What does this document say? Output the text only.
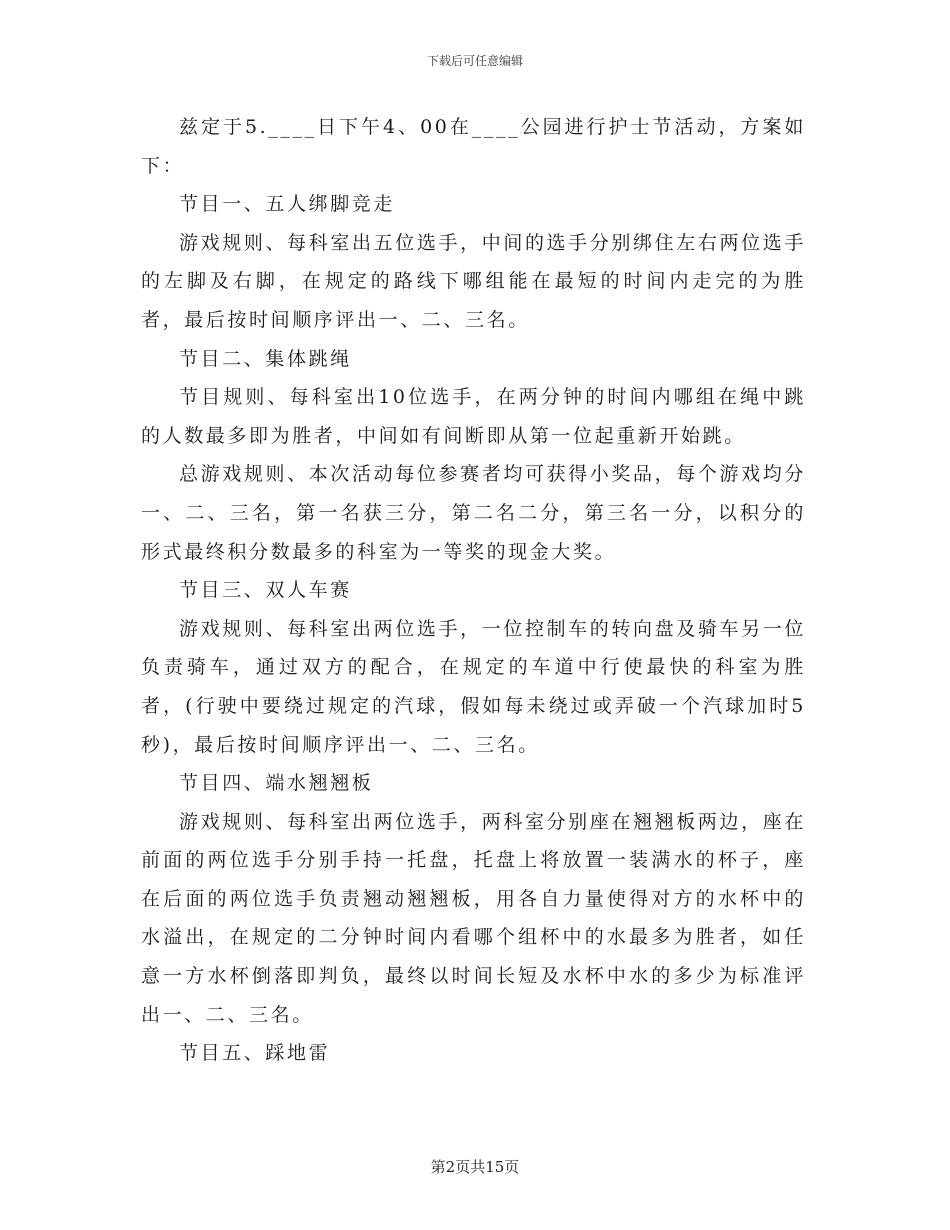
下载后可任意编辑

兹定于5.____日下午4、00在____公园进行护士节活动，方案如下：

节目一、五人绑脚竞走

游戏规则、每科室出五位选手，中间的选手分别绑住左右两位选手的左脚及右脚，在规定的路线下哪组能在最短的时间内走完的为胜者，最后按时间顺序评出一、二、三名。

节目二、集体跳绳

节目规则、每科室出10位选手，在两分钟的时间内哪组在绳中跳的人数最多即为胜者，中间如有间断即从第一位起重新开始跳。

总游戏规则、本次活动每位参赛者均可获得小奖品，每个游戏均分一、二、三名，第一名获三分，第二名二分，第三名一分，以积分的形式最终积分数最多的科室为一等奖的现金大奖。

节目三、双人车赛

游戏规则、每科室出两位选手，一位控制车的转向盘及骑车另一位负责骑车，通过双方的配合，在规定的车道中行使最快的科室为胜者，(行驶中要绕过规定的汽球，假如每未绕过或弄破一个汽球加时5秒)，最后按时间顺序评出一、二、三名。

节目四、端水翘翘板

游戏规则、每科室出两位选手，两科室分别座在翘翘板两边，座在前面的两位选手分别手持一托盘，托盘上将放置一装满水的杯子，座在后面的两位选手负责翘动翘翘板，用各自力量使得对方的水杯中的水溢出，在规定的二分钟时间内看哪个组杯中的水最多为胜者，如任意一方水杯倒落即判负，最终以时间长短及水杯中水的多少为标准评出一、二、三名。

节目五、踩地雷

第2页共15页
